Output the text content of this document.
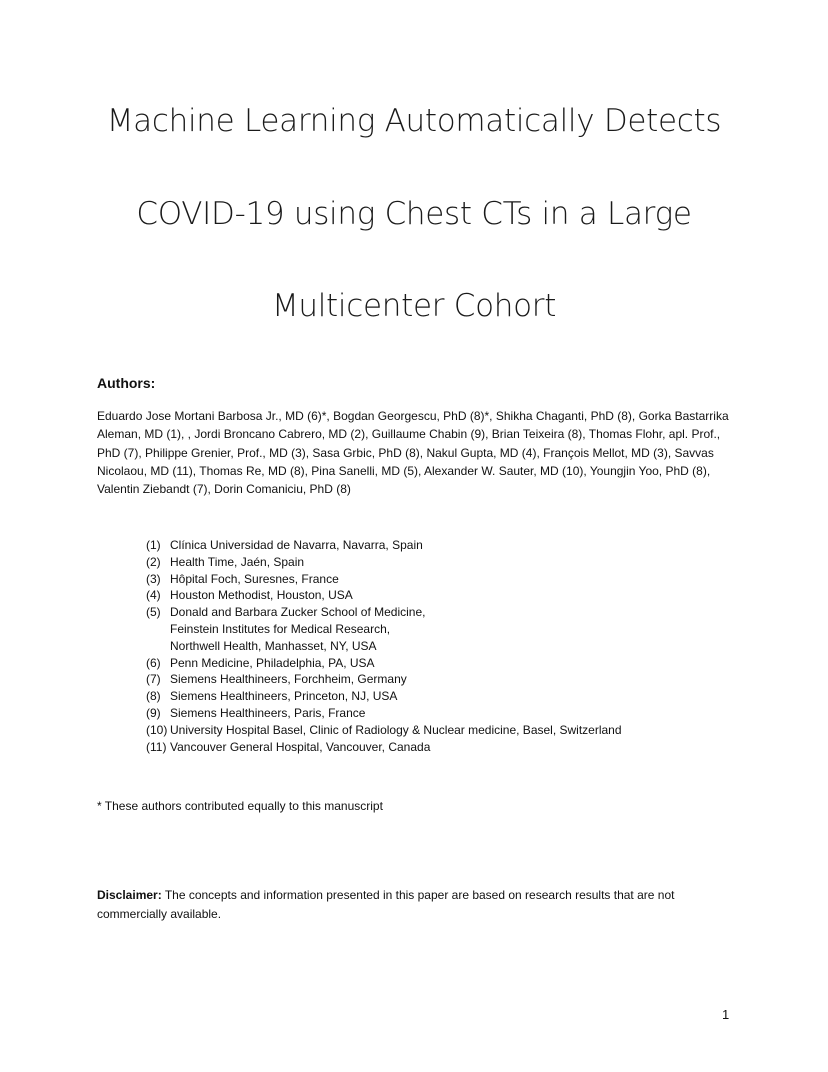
Machine Learning Automatically Detects
COVID-19 using Chest CTs in a Large
Multicenter Cohort
Authors:
Eduardo Jose Mortani Barbosa Jr., MD (6)*, Bogdan Georgescu, PhD (8)*, Shikha Chaganti, PhD (8), Gorka Bastarrika Aleman, MD (1), , Jordi Broncano Cabrero, MD (2), Guillaume Chabin (9), Brian Teixeira (8), Thomas Flohr, apl. Prof., PhD (7), Philippe Grenier, Prof., MD (3), Sasa Grbic, PhD (8), Nakul Gupta, MD (4), François Mellot, MD (3), Savvas Nicolaou, MD (11), Thomas Re, MD (8), Pina Sanelli, MD (5), Alexander W. Sauter, MD (10), Youngjin Yoo, PhD (8), Valentin Ziebandt (7), Dorin Comaniciu, PhD (8)
(1) Clínica Universidad de Navarra, Navarra, Spain
(2) Health Time, Jaén, Spain
(3) Hôpital Foch, Suresnes, France
(4) Houston Methodist, Houston, USA
(5) Donald and Barbara Zucker School of Medicine,
Feinstein Institutes for Medical Research,
Northwell Health, Manhasset, NY, USA
(6) Penn Medicine, Philadelphia, PA, USA
(7) Siemens Healthineers, Forchheim, Germany
(8) Siemens Healthineers, Princeton, NJ, USA
(9) Siemens Healthineers, Paris, France
(10) University Hospital Basel, Clinic of Radiology & Nuclear medicine, Basel, Switzerland
(11) Vancouver General Hospital, Vancouver, Canada
* These authors contributed equally to this manuscript
Disclaimer: The concepts and information presented in this paper are based on research results that are not commercially available.
1
